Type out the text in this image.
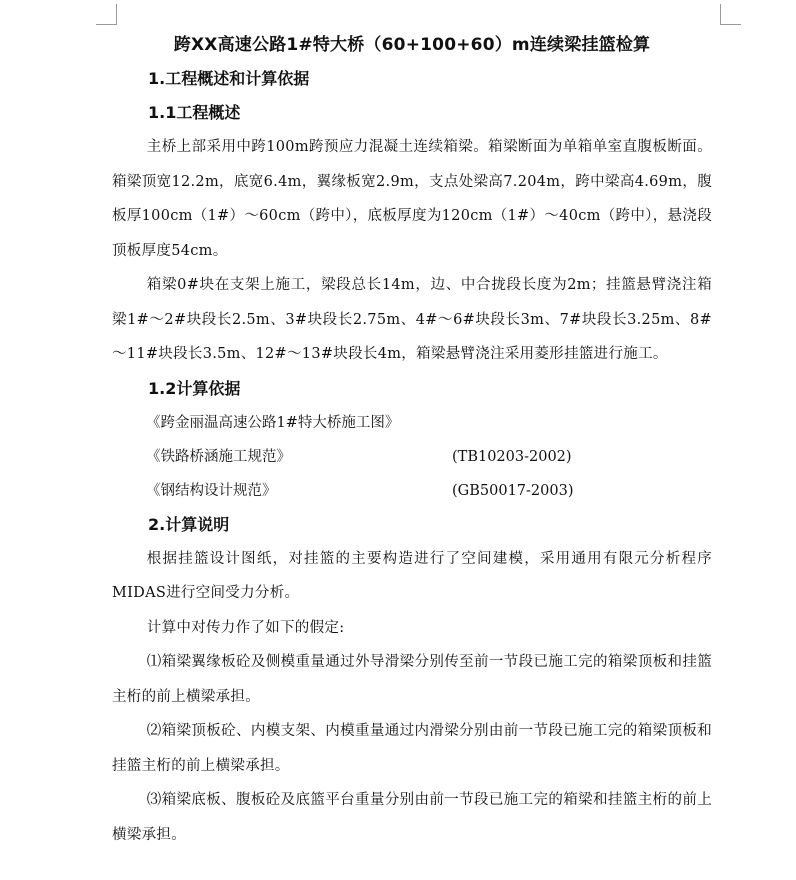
跨XX高速公路1#特大桥（60+100+60）m连续梁挂篮检算

1.工程概述和计算依据

1.1工程概述

主桥上部采用中跨100m跨预应力混凝土连续箱梁。箱梁断面为单箱单室直腹板断面。箱梁顶宽12.2m，底宽6.4m，翼缘板宽2.9m，支点处梁高7.204m，跨中梁高4.69m，腹板厚100cm（1#）～60cm（跨中），底板厚度为120cm（1#）～40cm（跨中），悬浇段顶板厚度54cm。

箱梁0#块在支架上施工，梁段总长14m，边、中合拢段长度为2m；挂篮悬臂浇注箱梁1#～2#块段长2.5m、3#块段长2.75m、4#～6#块段长3m、7#块段长3.25m、8#～11#块段长3.5m、12#～13#块段长4m，箱梁悬臂浇注采用菱形挂篮进行施工。

1.2计算依据

《跨金丽温高速公路1#特大桥施工图》

《铁路桥涵施工规范》	(TB10203-2002)

《钢结构设计规范》	(GB50017-2003)

2.计算说明

根据挂篮设计图纸，对挂篮的主要构造进行了空间建模，采用通用有限元分析程序MIDAS进行空间受力分析。

计算中对传力作了如下的假定:

⑴箱梁翼缘板砼及侧模重量通过外导滑梁分别传至前一节段已施工完的箱梁顶板和挂篮主桁的前上横梁承担。

⑵箱梁顶板砼、内模支架、内模重量通过内滑梁分别由前一节段已施工完的箱梁顶板和挂篮主桁的前上横梁承担。

⑶箱梁底板、腹板砼及底篮平台重量分别由前一节段已施工完的箱梁和挂篮主桁的前上横梁承担。
